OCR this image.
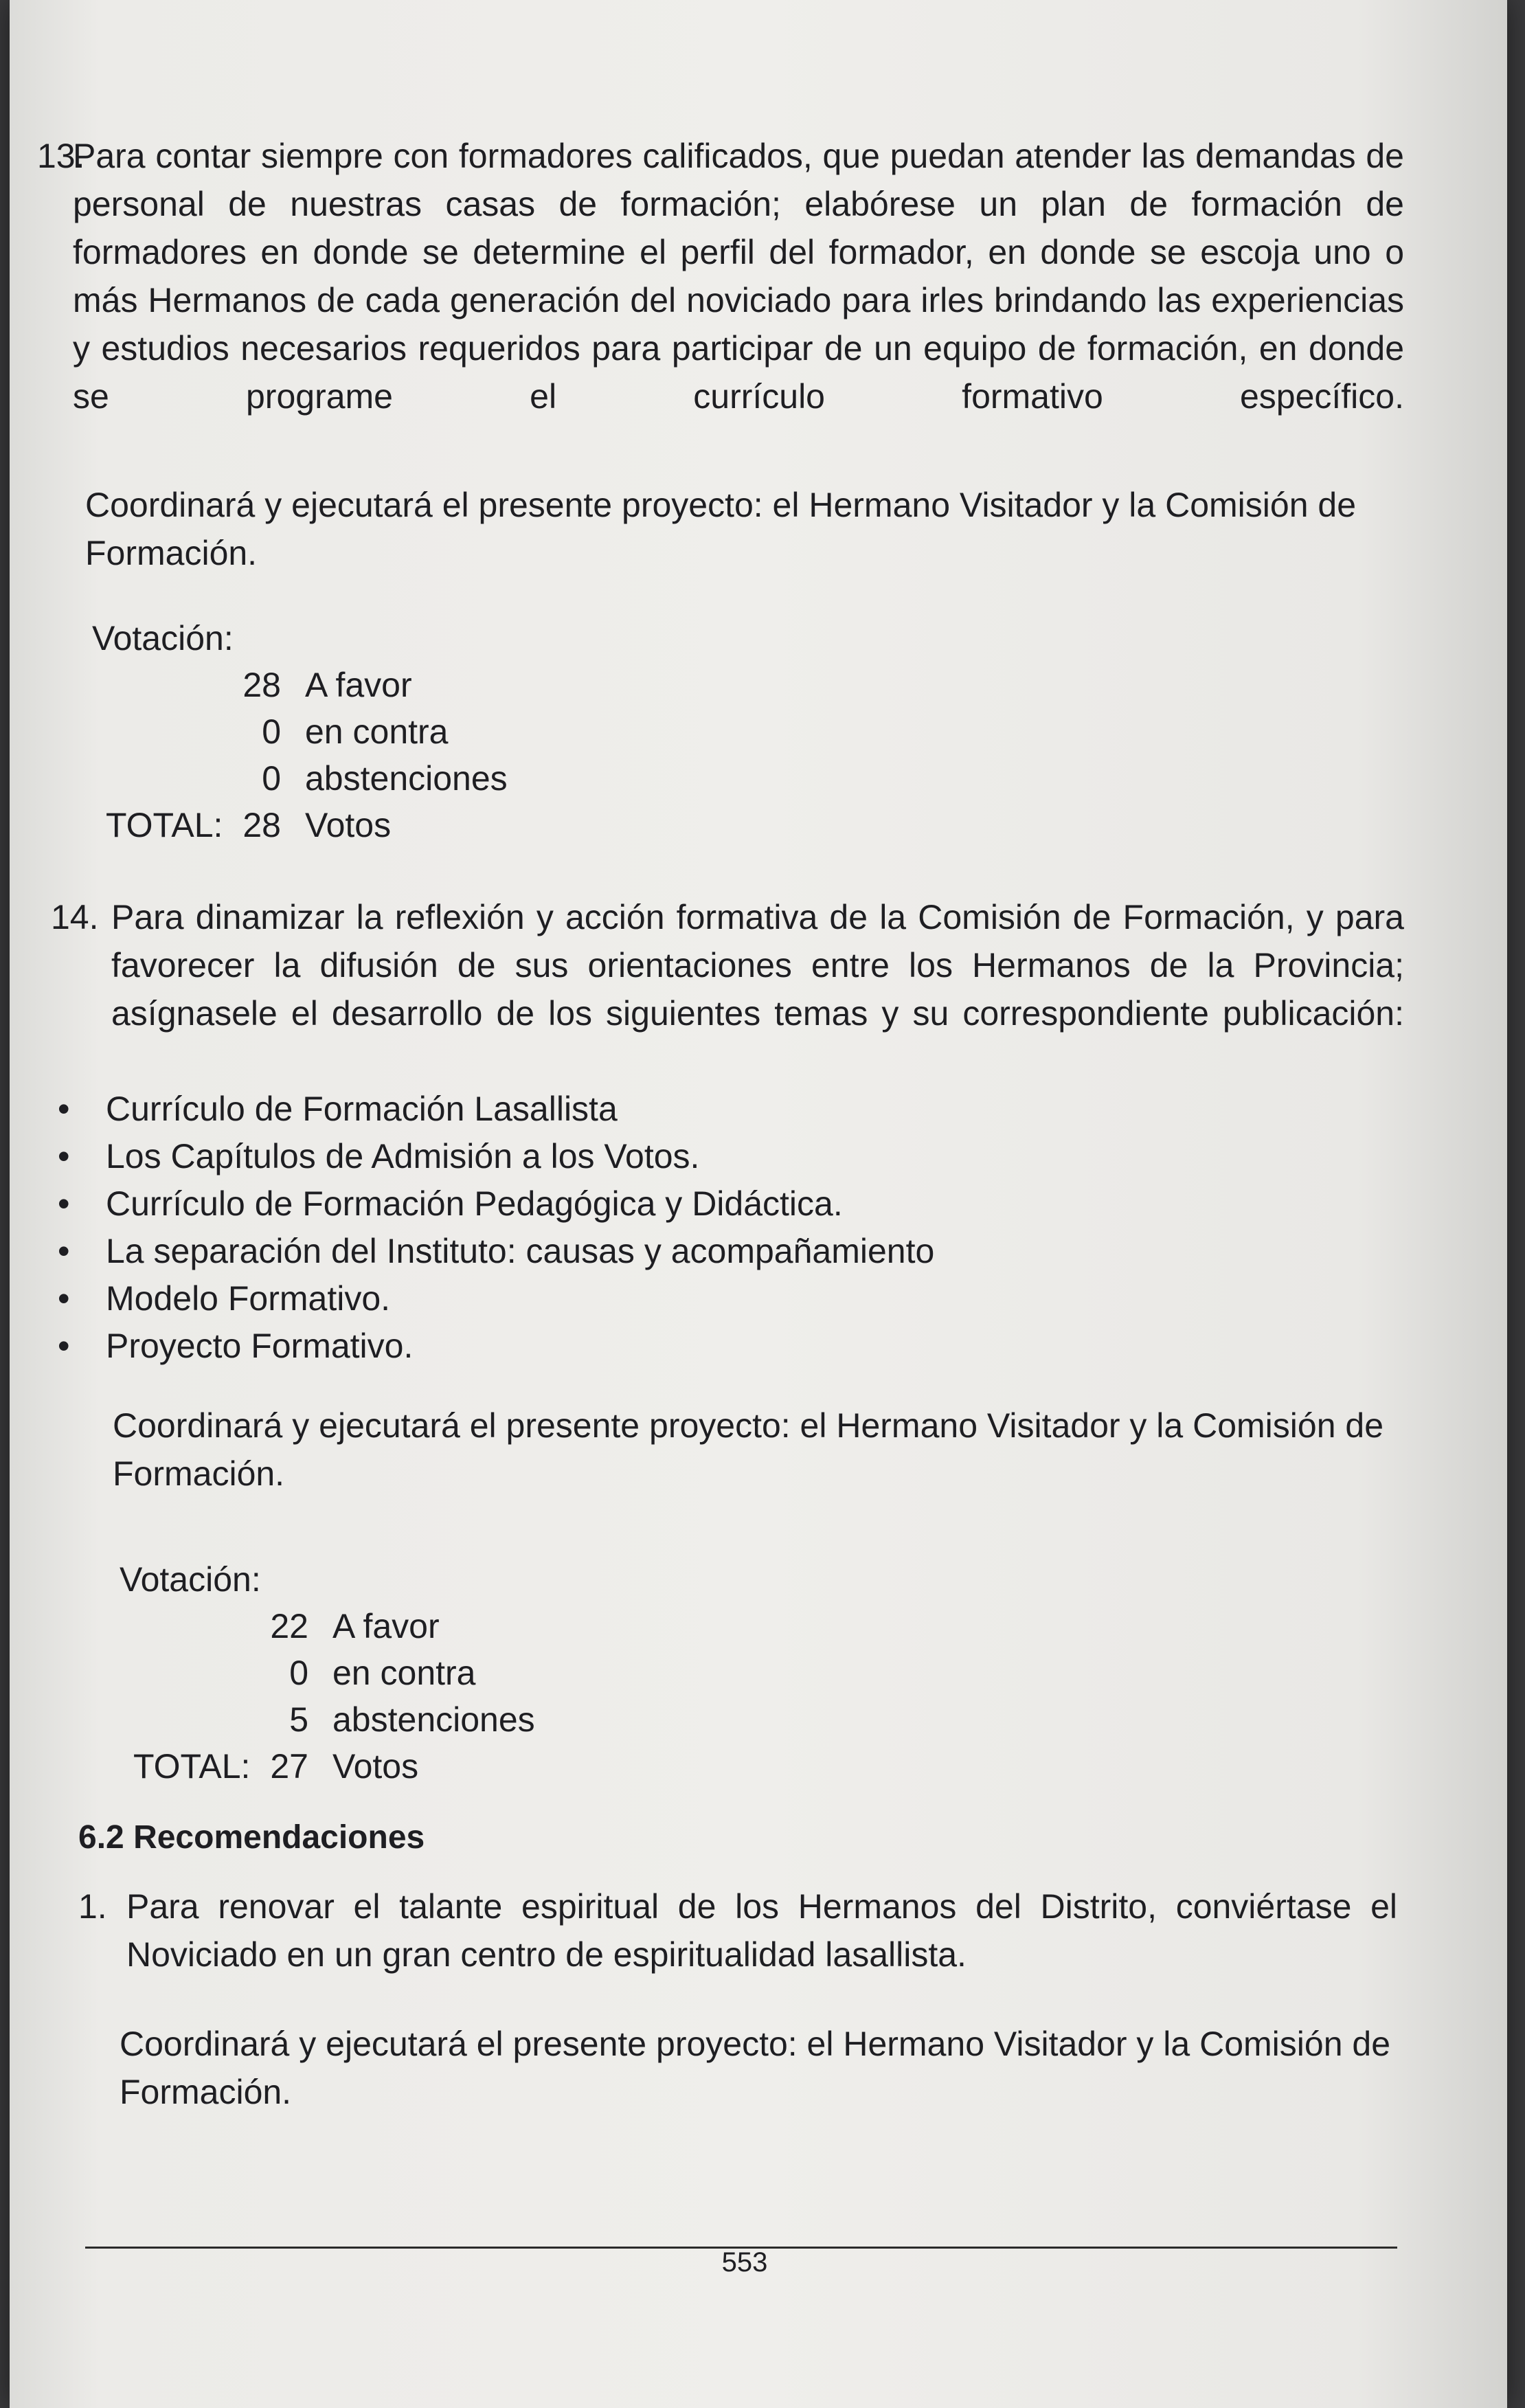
13.

Para contar siempre con formadores calificados, que puedan atender las demandas de personal de nuestras casas de formación; elabórese un plan de formación de formadores en donde se determine el perfil del formador, en donde se escoja uno o más Hermanos de cada generación del noviciado para irles brindando las experiencias y estudios necesarios requeridos para participar de un equipo de formación, en donde se programe el currículo formativo específico.

Coordinará y ejecutará el presente proyecto: el Hermano Visitador y la Comisión de Formación.

Votación:
28 A favor
0 en contra
0 abstenciones
TOTAL: 28 Votos
14. Para dinamizar la reflexión y acción formativa de la Comisión de Formación, y para favorecer la difusión de sus orientaciones entre los Hermanos de la Provincia; asígnasele el desarrollo de los siguientes temas y su correspondiente publicación:

• Currículo de Formación Lasallista
• Los Capítulos de Admisión a los Votos.
• Currículo de Formación Pedagógica y Didáctica.
• La separación del Instituto: causas y acompañamiento
• Modelo Formativo.
• Proyecto Formativo.

Coordinará y ejecutará el presente proyecto: el Hermano Visitador y la Comisión de Formación.

Votación:
22 A favor
0 en contra
5 abstenciones
TOTAL: 27 Votos
6.2 Recomendaciones
1. Para renovar el talante espiritual de los Hermanos del Distrito, conviértase el Noviciado en un gran centro de espiritualidad lasallista.

Coordinará y ejecutará el presente proyecto: el Hermano Visitador y la Comisión de Formación.

553
